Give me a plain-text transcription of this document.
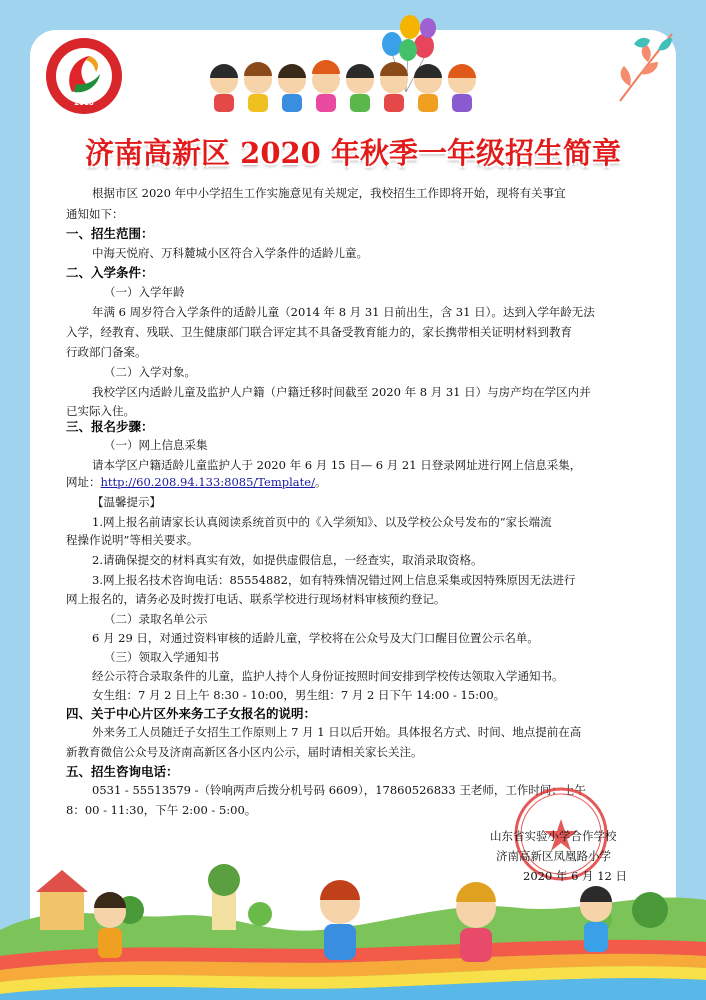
2018
济南高新区 2020 年秋季一年级招生简章
根据市区 2020 年中小学招生工作实施意见有关规定，我校招生工作即将开始，现将有关事宜
通知如下：
一、招生范围：
中海天悦府、万科麓城小区符合入学条件的适龄儿童。
二、入学条件：
（一）入学年龄
年满 6 周岁符合入学条件的适龄儿童（2014 年 8 月 31 日前出生，含 31 日）。达到入学年龄无法
入学，经教育、残联、卫生健康部门联合评定其不具备受教育能力的，家长携带相关证明材料到教育
行政部门备案。
（二）入学对象。
我校学区内适龄儿童及监护人户籍（户籍迁移时间截至 2020 年 8 月 31 日）与房产均在学区内并
已实际入住。
三、报名步骤：
（一）网上信息采集
请本学区户籍适龄儿童监护人于 2020 年 6 月 15 日— 6 月 21 日登录网址进行网上信息采集，
网址：http://60.208.94.133:8085/Template/。
【温馨提示】
1.网上报名前请家长认真阅读系统首页中的《入学须知》、以及学校公众号发布的“家长端流
程操作说明”等相关要求。
2.请确保提交的材料真实有效，如提供虚假信息，一经查实，取消录取资格。
3.网上报名技术咨询电话：85554882，如有特殊情况错过网上信息采集或因特殊原因无法进行
网上报名的，请务必及时拨打电话、联系学校进行现场材料审核预约登记。
（二）录取名单公示
6 月 29 日，对通过资料审核的适龄儿童，学校将在公众号及大门口醒目位置公示名单。
（三）领取入学通知书
经公示符合录取条件的儿童，监护人持个人身份证按照时间安排到学校传达领取入学通知书。
女生组：7 月 2 日上午 8:30 - 10:00，男生组：7 月 2 日下午 14:00 - 15:00。
四、关于中心片区外来务工子女报名的说明：
外来务工人员随迁子女招生工作原则上 7 月 1 日以后开始。具体报名方式、时间、地点提前在高
新教育微信公众号及济南高新区各小区内公示，届时请相关家长关注。
五、招生咨询电话：
0531 - 55513579 -（铃响两声后拨分机号码 6609），17860526833 王老师，工作时间：上午
8：00 - 11:30，下午 2:00 - 5:00。
山东省实验小学合作学校
济南高新区凤凰路小学
2020 年 6 月 12 日
